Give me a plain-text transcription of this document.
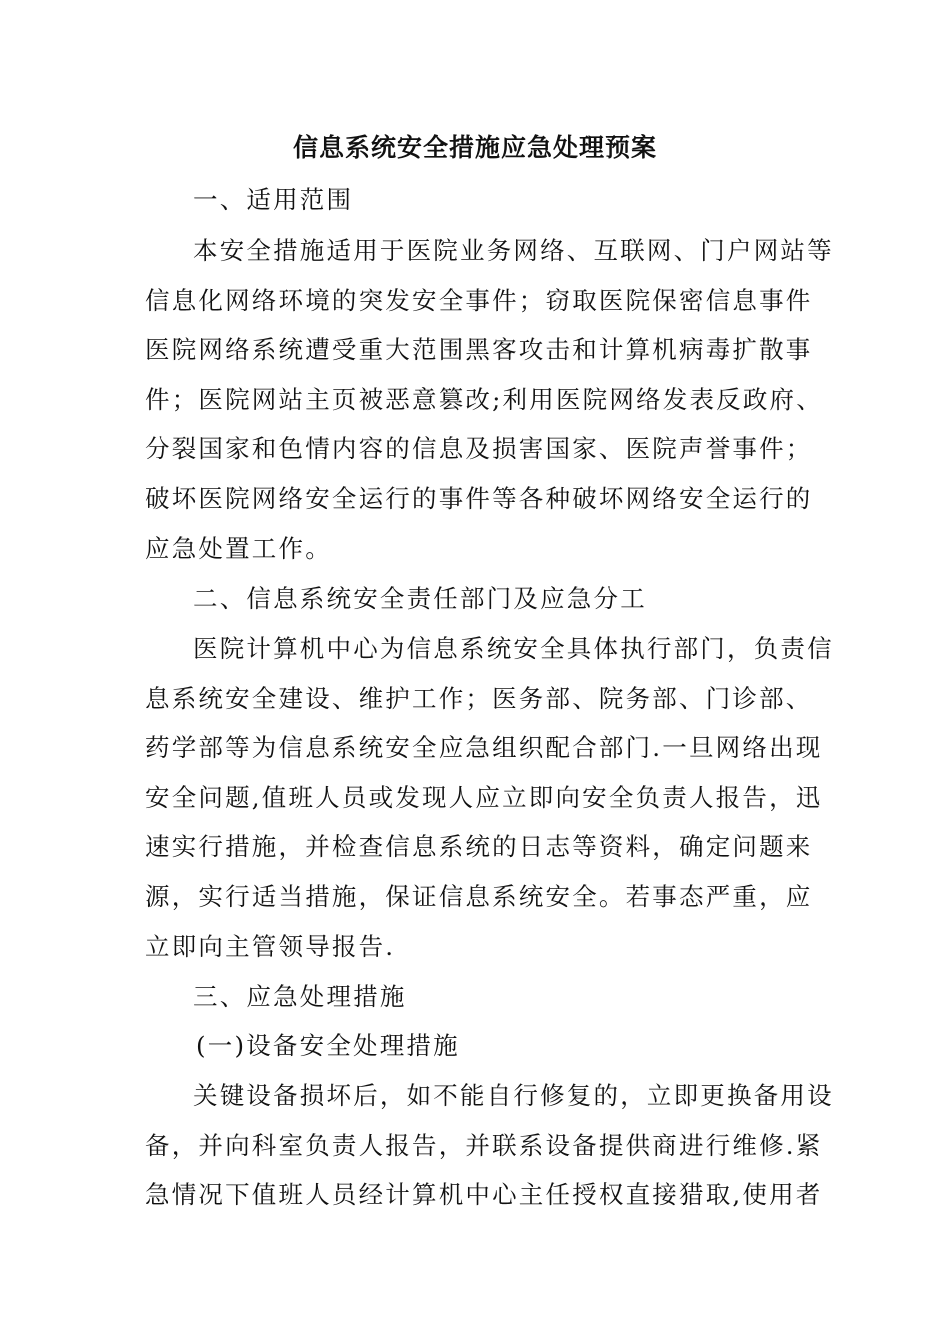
信息系统安全措施应急处理预案
一、适用范围
本安全措施适用于医院业务网络、互联网、门户网站等
信息化网络环境的突发安全事件；窃取医院保密信息事件
医院网络系统遭受重大范围黑客攻击和计算机病毒扩散事
件；医院网站主页被恶意篡改;利用医院网络发表反政府、
分裂国家和色情内容的信息及损害国家、医院声誉事件；
破坏医院网络安全运行的事件等各种破坏网络安全运行的
应急处置工作。
二、信息系统安全责任部门及应急分工
医院计算机中心为信息系统安全具体执行部门，负责信
息系统安全建设、维护工作；医务部、院务部、门诊部、
药学部等为信息系统安全应急组织配合部门.一旦网络出现
安全问题,值班人员或发现人应立即向安全负责人报告，迅
速实行措施，并检查信息系统的日志等资料，确定问题来
源，实行适当措施，保证信息系统安全。若事态严重，应
立即向主管领导报告.
三、应急处理措施
(一)设备安全处理措施
关键设备损坏后，如不能自行修复的，立即更换备用设
备，并向科室负责人报告，并联系设备提供商进行维修.紧
急情况下值班人员经计算机中心主任授权直接猎取,使用者
